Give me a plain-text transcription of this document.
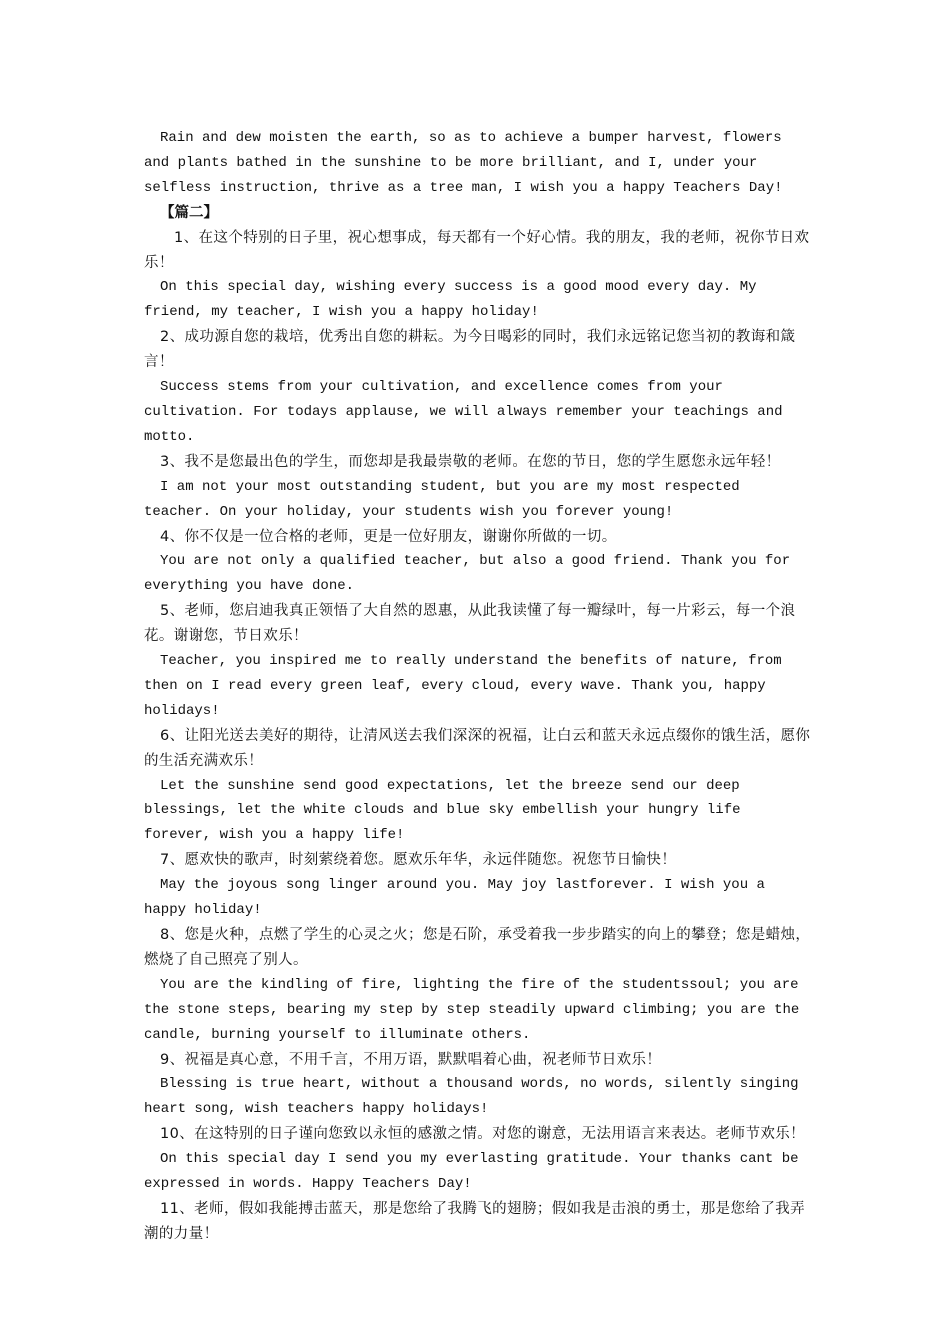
Rain and dew moisten the earth, so as to achieve a bumper harvest, flowers and plants bathed in the sunshine to be more brilliant, and I, under your selfless instruction, thrive as a tree man, I wish you a happy Teachers Day!

【篇二】

1、在这个特别的日子里，祝心想事成，每天都有一个好心情。我的朋友，我的老师，祝你节日欢乐！

On this special day, wishing every success is a good mood every day. My friend, my teacher, I wish you a happy holiday!

2、成功源自您的栽培，优秀出自您的耕耘。为今日喝彩的同时，我们永远铭记您当初的教诲和箴言！

Success stems from your cultivation, and excellence comes from your cultivation. For todays applause, we will always remember your teachings and motto.

3、我不是您最出色的学生，而您却是我最崇敬的老师。在您的节日，您的学生愿您永远年轻！

I am not your most outstanding student, but you are my most respected teacher. On your holiday, your students wish you forever young!

4、你不仅是一位合格的老师，更是一位好朋友，谢谢你所做的一切。

You are not only a qualified teacher, but also a good friend. Thank you for everything you have done.

5、老师，您启迪我真正领悟了大自然的恩惠，从此我读懂了每一瓣绿叶，每一片彩云，每一个浪花。谢谢您，节日欢乐！

Teacher, you inspired me to really understand the benefits of nature, from then on I read every green leaf, every cloud, every wave. Thank you, happy holidays!

6、让阳光送去美好的期待，让清风送去我们深深的祝福，让白云和蓝天永远点缀你的饿生活，愿你的生活充满欢乐！

Let the sunshine send good expectations, let the breeze send our deep blessings, let the white clouds and blue sky embellish your hungry life forever, wish you a happy life!

7、愿欢快的歌声，时刻萦绕着您。愿欢乐年华，永远伴随您。祝您节日愉快！

May the joyous song linger around you. May joy lastforever. I wish you a happy holiday!

8、您是火种，点燃了学生的心灵之火；您是石阶，承受着我一步步踏实的向上的攀登；您是蜡烛，燃烧了自己照亮了别人。

You are the kindling of fire, lighting the fire of the studentssoul; you are the stone steps, bearing my step by step steadily upward climbing; you are the candle, burning yourself to illuminate others.

9、祝福是真心意，不用千言，不用万语，默默唱着心曲，祝老师节日欢乐！

Blessing is true heart, without a thousand words, no words, silently singing heart song, wish teachers happy holidays!

10、在这特别的日子谨向您致以永恒的感激之情。对您的谢意，无法用语言来表达。老师节欢乐！

On this special day I send you my everlasting gratitude. Your thanks cant be expressed in words. Happy Teachers Day!

11、老师，假如我能搏击蓝天，那是您给了我腾飞的翅膀；假如我是击浪的勇士，那是您给了我弄潮的力量！
